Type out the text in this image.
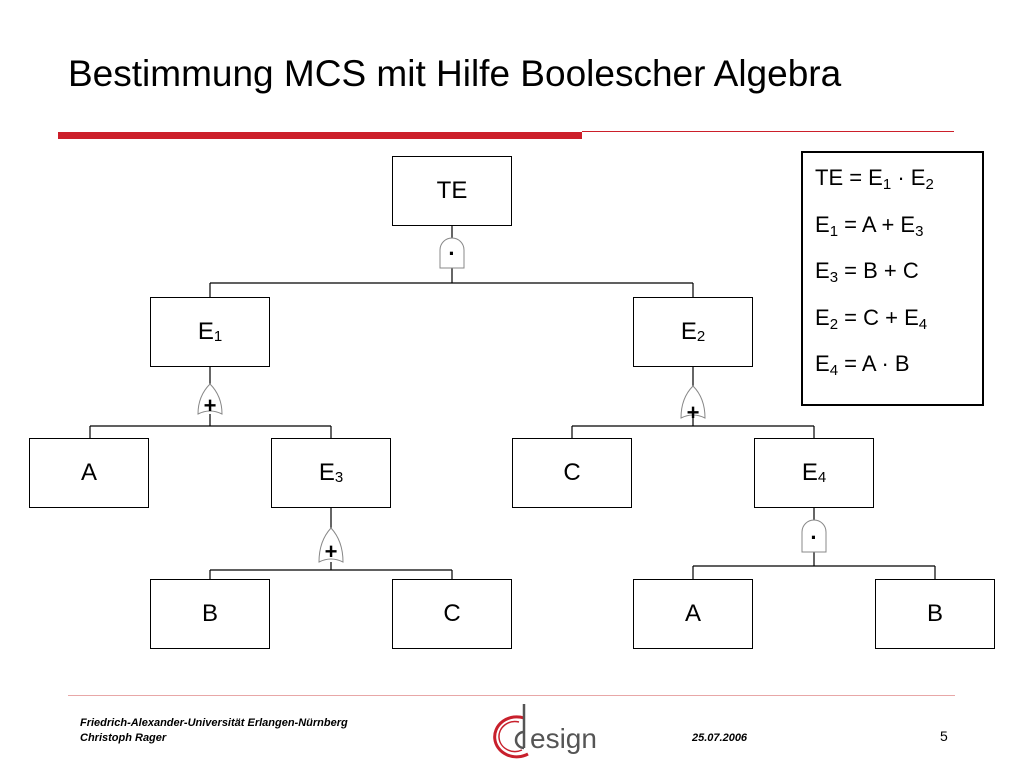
Bestimmung MCS mit Hilfe Boolescher Algebra
·
+	+
+
·
TE
$E_1$	$E_2$
A	$E_3$	C	$E_4$
B	C	A	B
TE = $E_1 \cdot E_2$
$E_1 = A + E_3$
$E_3 = B + C$
$E_2 = C + E_4$
$E_4 = A \cdot B$
Friedrich-Alexander-Universität Erlangen-Nürnberg
Christoph Rager	25.07.2006	5
esign
